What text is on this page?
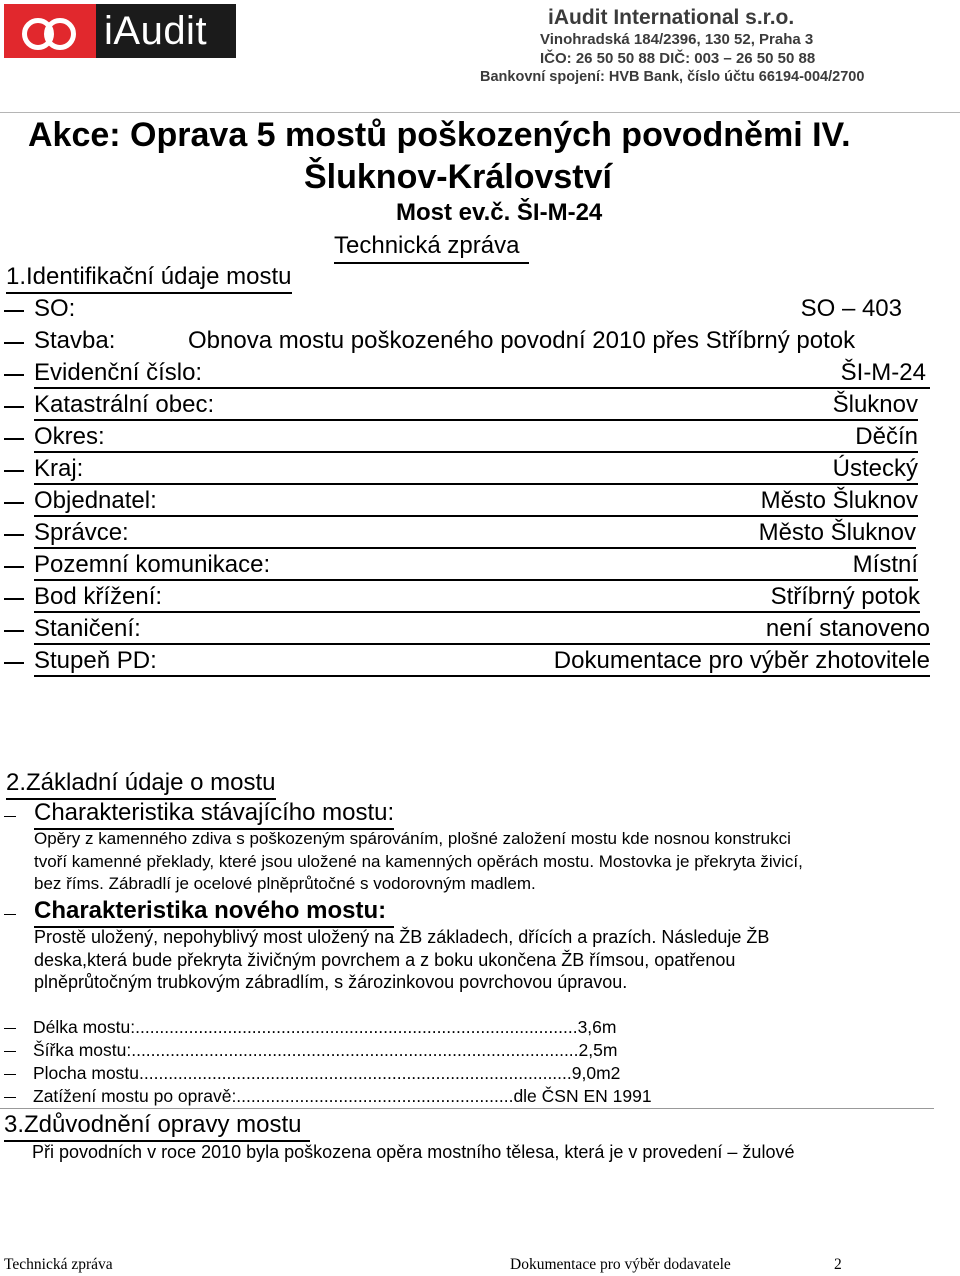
iAudit	iAudit International s.r.o.
Vinohradská 184/2396, 130 52, Praha 3
IČO: 26 50 50 88 DIČ: 003 – 26 50 50 88
Bankovní spojení: HVB Bank, číslo účtu 66194-004/2700
Akce: Oprava 5 mostů poškozených povodněmi IV.
Šluknov-Království
Most ev.č. ŠI-M-24
Technická zpráva
1.Identifikační údaje mostu
SO:	SO – 403
Stavba:	Obnova mostu poškozeného povodní 2010 přes Stříbrný potok
Evidenční číslo:	ŠI-M-24
Katastrální obec:	Šluknov
Okres:	Děčín
Kraj:	Ústecký
Objednatel:	Město Šluknov
Správce:	Město Šluknov
Pozemní komunikace:	Místní
Bod křížení:	Stříbrný potok
Staničení:	není stanoveno
Stupeň PD:	Dokumentace pro výběr zhotovitele
2.Základní údaje o mostu
Charakteristika stávajícího mostu:
Opěry z kamenného zdiva s poškozeným spárováním, plošné založení mostu kde nosnou konstrukci
tvoří kamenné překlady, které jsou uložené na kamenných opěrách mostu. Mostovka je překryta živicí,
bez říms. Zábradlí je ocelové plněprůtočné s vodorovným madlem.
Charakteristika nového mostu:
Prostě uložený, nepohyblivý most uložený na ŽB základech, dřících a prazích. Následuje ŽB
deska,která bude překryta živičným povrchem a z boku ukončena ŽB římsou, opatřenou
plněprůtočným trubkovým zábradlím, s žározinkovou povrchovou úpravou.
Délka mostu:...........................................................................................3,6m
Šířka mostu:............................................................................................2,5m
Plocha mostu.........................................................................................9,0m2
Zatížení mostu po opravě:.........................................................dle ČSN EN 1991
3.Zdůvodnění opravy mostu
Při povodních v roce 2010 byla poškozena opěra mostního tělesa, která je v provedení – žulové
Technická zpráva	Dokumentace pro výběr dodavatele	2
